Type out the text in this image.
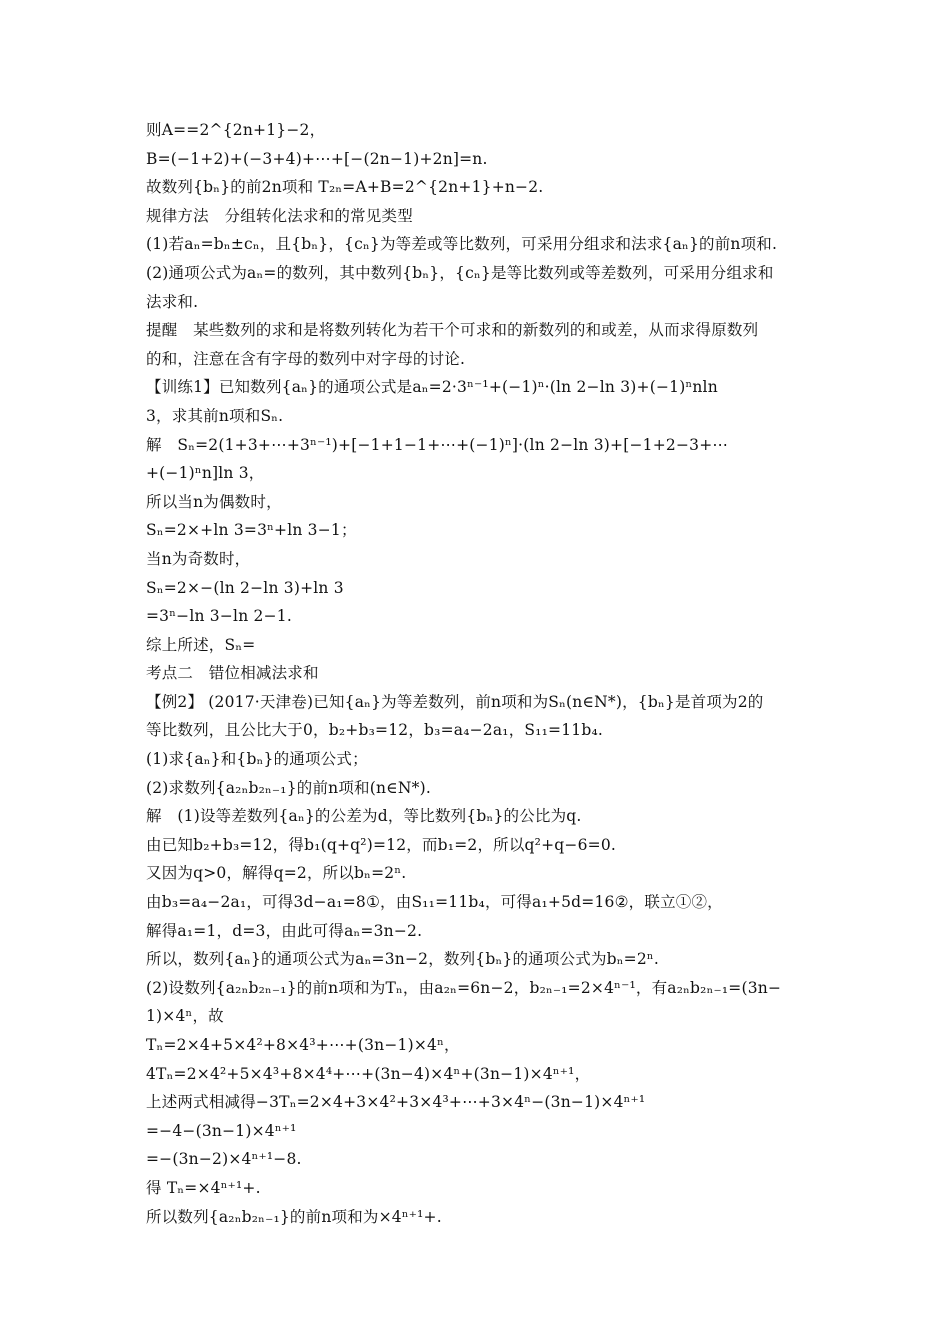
则A==2^{2n+1}−2，
B=(−1+2)+(−3+4)+⋯+[−(2n−1)+2n]=n.
故数列{bₙ}的前2n项和 T₂ₙ=A+B=2^{2n+1}+n−2.
规律方法　分组转化法求和的常见类型
(1)若aₙ=bₙ±cₙ，且{bₙ}，{cₙ}为等差或等比数列，可采用分组求和法求{aₙ}的前n项和.
(2)通项公式为aₙ=的数列，其中数列{bₙ}，{cₙ}是等比数列或等差数列，可采用分组求和
法求和.
提醒　某些数列的求和是将数列转化为若干个可求和的新数列的和或差，从而求得原数列
的和，注意在含有字母的数列中对字母的讨论.
【训练1】已知数列{aₙ}的通项公式是aₙ=2·3ⁿ⁻¹+(−1)ⁿ·(ln 2−ln 3)+(−1)ⁿnln
3，求其前n项和Sₙ.
解　Sₙ=2(1+3+⋯+3ⁿ⁻¹)+[−1+1−1+⋯+(−1)ⁿ]·(ln 2−ln 3)+[−1+2−3+⋯
+(−1)ⁿn]ln 3，
所以当n为偶数时，
Sₙ=2×+ln 3=3ⁿ+ln 3−1；
当n为奇数时，
Sₙ=2×−(ln 2−ln 3)+ln 3
=3ⁿ−ln 3−ln 2−1.
综上所述，Sₙ=
考点二　错位相减法求和
【例2】 (2017·天津卷)已知{aₙ}为等差数列，前n项和为Sₙ(n∈N*)，{bₙ}是首项为2的
等比数列，且公比大于0，b₂+b₃=12，b₃=a₄−2a₁，S₁₁=11b₄.
(1)求{aₙ}和{bₙ}的通项公式；
(2)求数列{a₂ₙb₂ₙ₋₁}的前n项和(n∈N*).
解　(1)设等差数列{aₙ}的公差为d，等比数列{bₙ}的公比为q.
由已知b₂+b₃=12，得b₁(q+q²)=12，而b₁=2，所以q²+q−6=0.
又因为q>0，解得q=2，所以bₙ=2ⁿ.
由b₃=a₄−2a₁，可得3d−a₁=8①，由S₁₁=11b₄，可得a₁+5d=16②，联立①②，
解得a₁=1，d=3，由此可得aₙ=3n−2.
所以，数列{aₙ}的通项公式为aₙ=3n−2，数列{bₙ}的通项公式为bₙ=2ⁿ.
(2)设数列{a₂ₙb₂ₙ₋₁}的前n项和为Tₙ，由a₂ₙ=6n−2，b₂ₙ₋₁=2×4ⁿ⁻¹，有a₂ₙb₂ₙ₋₁=(3n−
1)×4ⁿ，故
Tₙ=2×4+5×4²+8×4³+⋯+(3n−1)×4ⁿ，
4Tₙ=2×4²+5×4³+8×4⁴+⋯+(3n−4)×4ⁿ+(3n−1)×4ⁿ⁺¹，
上述两式相减得−3Tₙ=2×4+3×4²+3×4³+⋯+3×4ⁿ−(3n−1)×4ⁿ⁺¹
=−4−(3n−1)×4ⁿ⁺¹
=−(3n−2)×4ⁿ⁺¹−8.
得 Tₙ=×4ⁿ⁺¹+.
所以数列{a₂ₙb₂ₙ₋₁}的前n项和为×4ⁿ⁺¹+.
